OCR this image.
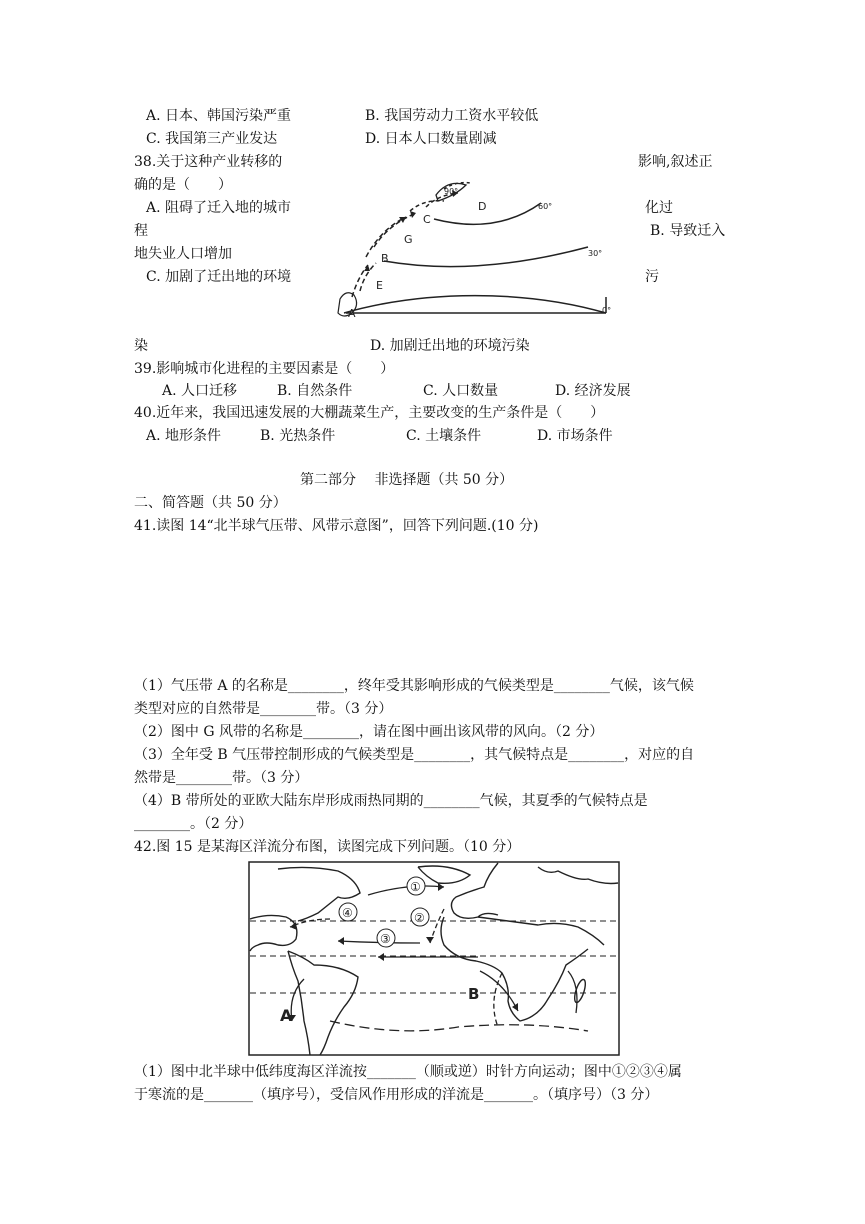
A. 日本、韩国污染严重	B. 我国劳动力工资水平较低
C. 我国第三产业发达	D. 日本人口数量剧减
38.关于这种产业转移的	影响,叙述正
确的是（　　）
A. 阻碍了迁入地的城市	化过
程	B. 导致迁入
地失业人口增加
C. 加剧了迁出地的环境	污
染	D. 加剧迁出地的环境污染
A
E
B
G
C
D
90°
60°
30°
0°
39.影响城市化进程的主要因素是（　　）
A. 人口迁移	B. 自然条件	C. 人口数量	D. 经济发展
40.近年来，我国迅速发展的大棚蔬菜生产，主要改变的生产条件是（　　）
A. 地形条件	B. 光热条件	C. 土壤条件	D. 市场条件
第二部分　 非选择题（共 50 分）
二、简答题（共 50 分）
41.读图 14“北半球气压带、风带示意图”，回答下列问题.(10 分)
（1）气压带 A 的名称是________，终年受其影响形成的气候类型是________气候，该气候
类型对应的自然带是________带。（3 分）
（2）图中 G 风带的名称是________，请在图中画出该风带的风向。（2 分）
（3）全年受 B 气压带控制形成的气候类型是________，其气候特点是________，对应的自
然带是________带。（3 分）
（4）B 带所处的亚欧大陆东岸形成雨热同期的________气候，其夏季的气候特点是
________。（2 分）
42.图 15 是某海区洋流分布图，读图完成下列问题。（10 分）
①
②
③
④
A
B
（1）图中北半球中低纬度海区洋流按_______（顺或逆）时针方向运动；图中①②③④属
于寒流的是_______（填序号），受信风作用形成的洋流是_______。（填序号）（3 分）
